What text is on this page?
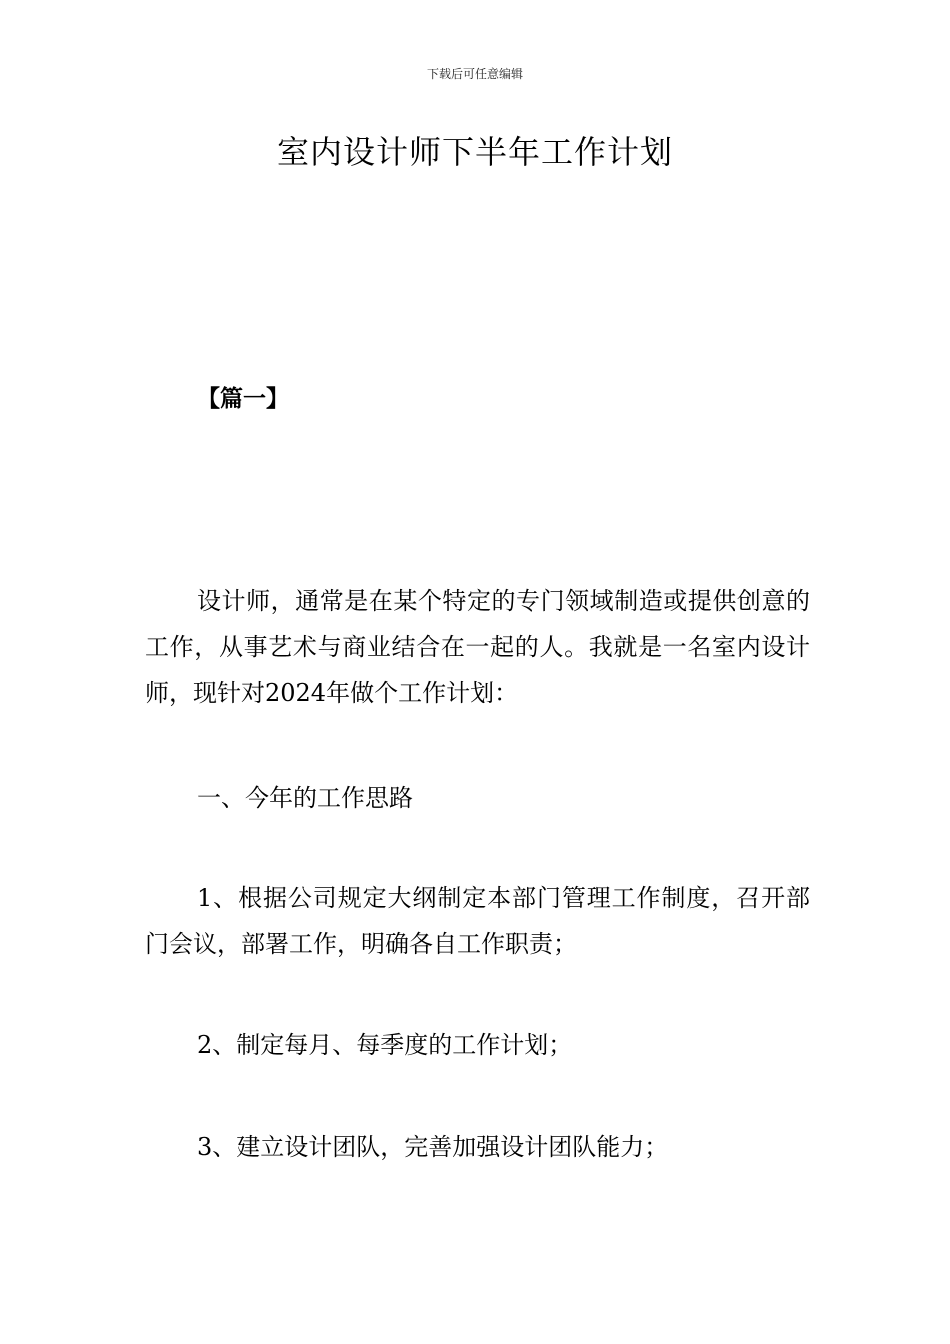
下载后可任意编辑
室内设计师下半年工作计划
【篇一】

设计师，通常是在某个特定的专门领域制造或提供创意的工作，从事艺术与商业结合在一起的人。我就是一名室内设计师，现针对2024年做个工作计划：

一、今年的工作思路

1、根据公司规定大纲制定本部门管理工作制度，召开部门会议，部署工作，明确各自工作职责；

2、制定每月、每季度的工作计划；

3、建立设计团队，完善加强设计团队能力；
